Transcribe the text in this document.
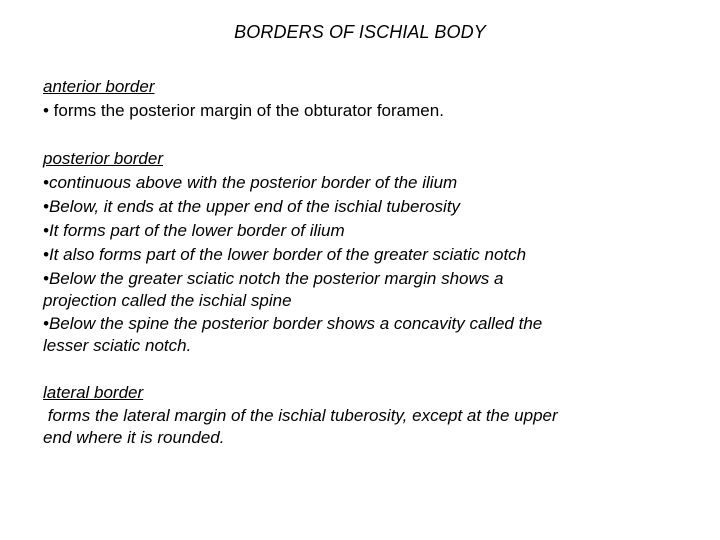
BORDERS OF ISCHIAL BODY
anterior border
• forms the posterior margin of the obturator foramen.
posterior border
•continuous above with the posterior border of the ilium
•Below, it ends at the upper end of the ischial tuberosity
•It forms part of the lower border of ilium
•It also forms part of the lower border of the greater sciatic notch
•Below the greater sciatic notch the posterior margin shows a
projection called the ischial spine
•Below the spine the posterior border shows a concavity called the
lesser sciatic notch.
lateral border
forms the lateral margin of the ischial tuberosity, except at the upper
end where it is rounded.
